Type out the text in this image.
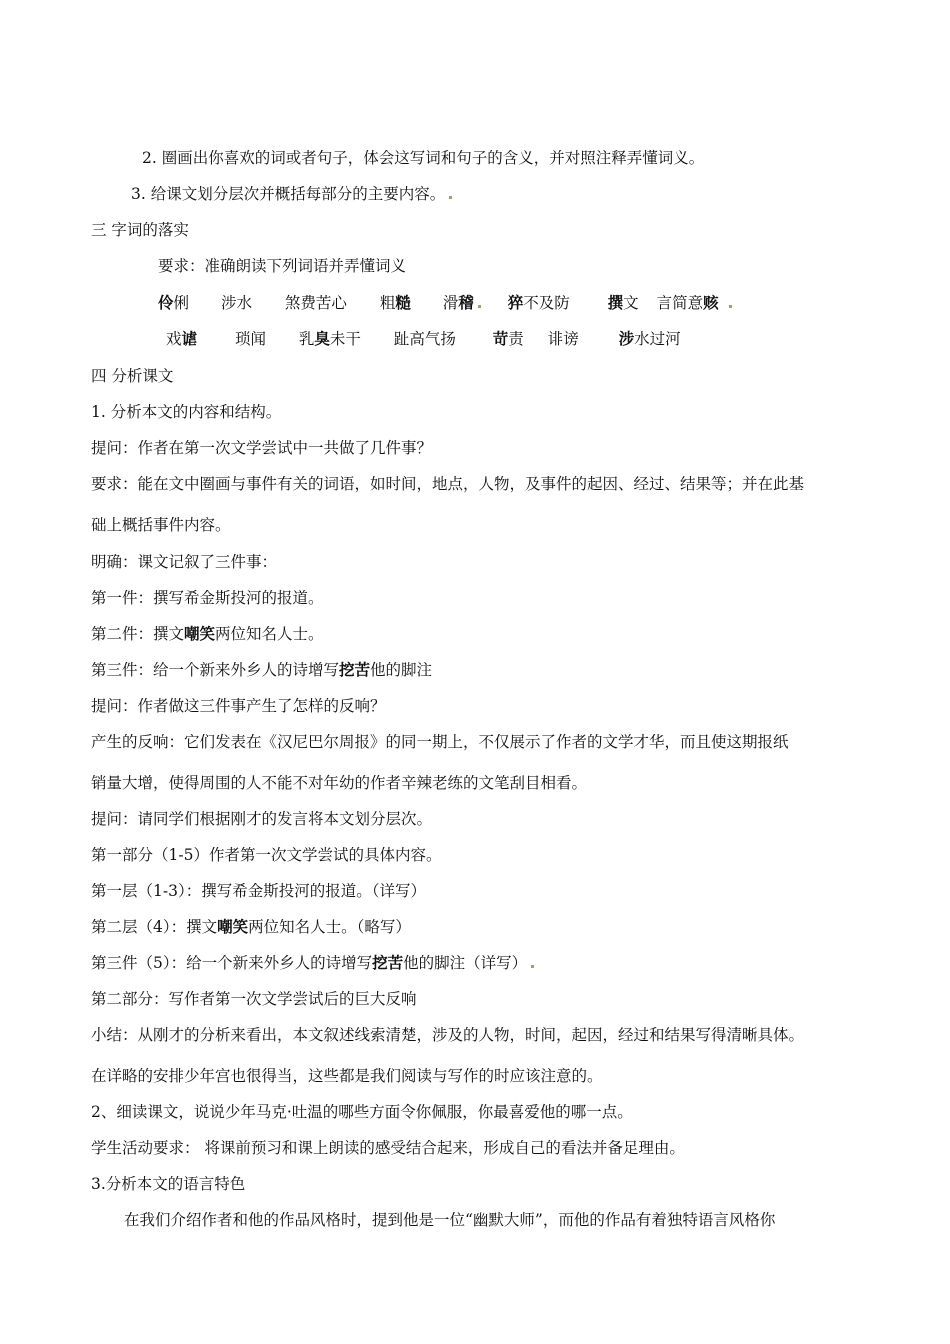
2. 圈画出你喜欢的词或者句子，体会这写词和句子的含义，并对照注释弄懂词义。
3. 给课文划分层次并概括每部分的主要内容。
三 字词的落实
要求：准确朗读下列词语并弄懂词义
伶俐 涉水 煞费苦心 粗糙 滑稽 猝不及防 撰文 言简意赅
戏谑 琐闻 乳臭未干 趾高气扬 苛责 诽谤	涉水过河
四 分析课文
1. 分析本文的内容和结构。
提问：作者在第一次文学尝试中一共做了几件事？
要求：能在文中圈画与事件有关的词语，如时间，地点，人物，及事件的起因、经过、结果等；并在此基
础上概括事件内容。
明确：课文记叙了三件事：
第一件：撰写希金斯投河的报道。
第二件：撰文嘲笑两位知名人士。
第三件：给一个新来外乡人的诗增写挖苦他的脚注
提问：作者做这三件事产生了怎样的反响？
产生的反响：它们发表在《汉尼巴尔周报》的同一期上，不仅展示了作者的文学才华，而且使这期报纸
销量大增，使得周围的人不能不对年幼的作者辛辣老练的文笔刮目相看。
提问：请同学们根据刚才的发言将本文划分层次。
第一部分（1-5）作者第一次文学尝试的具体内容。
第一层（1-3）：撰写希金斯投河的报道。（详写）
第二层（4）：撰文嘲笑两位知名人士。（略写）
第三件（5）：给一个新来外乡人的诗增写挖苦他的脚注（详写）
第二部分：写作者第一次文学尝试后的巨大反响
小结：从刚才的分析来看出，本文叙述线索清楚，涉及的人物，时间，起因，经过和结果写得清晰具体。
在详略的安排少年宫也很得当，这些都是我们阅读与写作的时应该注意的。
2、细读课文，说说少年马克·吐温的哪些方面令你佩服，你最喜爱他的哪一点。
学生活动要求： 将课前预习和课上朗读的感受结合起来，形成自己的看法并备足理由。
3.分析本文的语言特色
在我们介绍作者和他的作品风格时，提到他是一位“幽默大师”，而他的作品有着独特语言风格你
